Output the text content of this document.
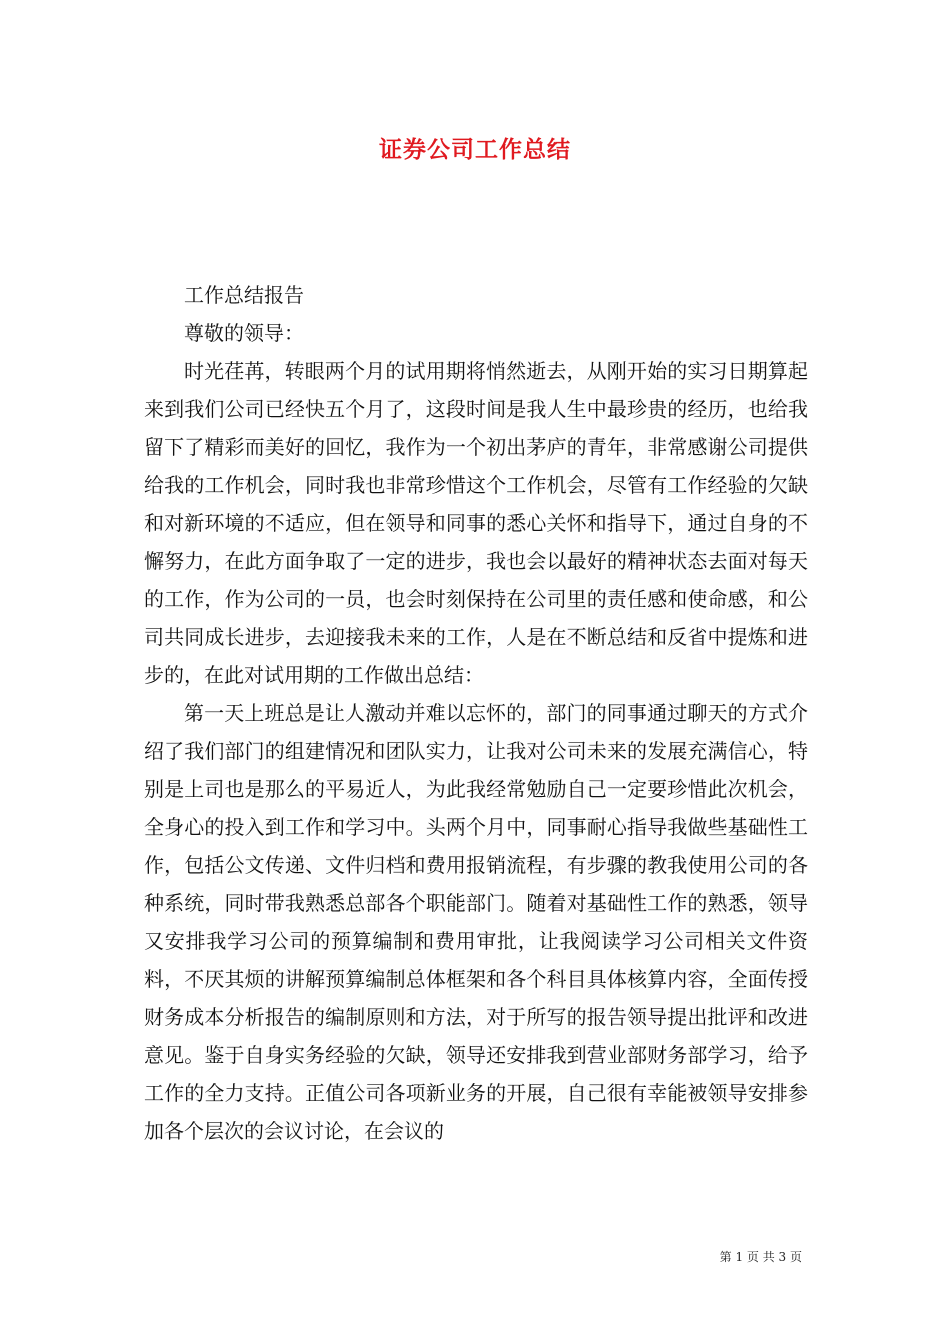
证券公司工作总结

工作总结报告

尊敬的领导：

时光荏苒，转眼两个月的试用期将悄然逝去，从刚开始的实习日期算起来到我们公司已经快五个月了，这段时间是我人生中最珍贵的经历，也给我留下了精彩而美好的回忆，我作为一个初出茅庐的青年，非常感谢公司提供给我的工作机会，同时我也非常珍惜这个工作机会，尽管有工作经验的欠缺和对新环境的不适应，但在领导和同事的悉心关怀和指导下，通过自身的不懈努力，在此方面争取了一定的进步，我也会以最好的精神状态去面对每天的工作，作为公司的一员，也会时刻保持在公司里的责任感和使命感，和公司共同成长进步，去迎接我未来的工作，人是在不断总结和反省中提炼和进步的，在此对试用期的工作做出总结：

第一天上班总是让人激动并难以忘怀的，部门的同事通过聊天的方式介绍了我们部门的组建情况和团队实力，让我对公司未来的发展充满信心，特别是上司也是那么的平易近人，为此我经常勉励自己一定要珍惜此次机会，全身心的投入到工作和学习中。头两个月中，同事耐心指导我做些基础性工作，包括公文传递、文件归档和费用报销流程，有步骤的教我使用公司的各种系统，同时带我熟悉总部各个职能部门。随着对基础性工作的熟悉，领导又安排我学习公司的预算编制和费用审批，让我阅读学习公司相关文件资料，不厌其烦的讲解预算编制总体框架和各个科目具体核算内容，全面传授财务成本分析报告的编制原则和方法，对于所写的报告领导提出批评和改进意见。鉴于自身实务经验的欠缺，领导还安排我到营业部财务部学习，给予工作的全力支持。正值公司各项新业务的开展，自己很有幸能被领导安排参加各个层次的会议讨论，在会议的

第 1 页 共 3 页
